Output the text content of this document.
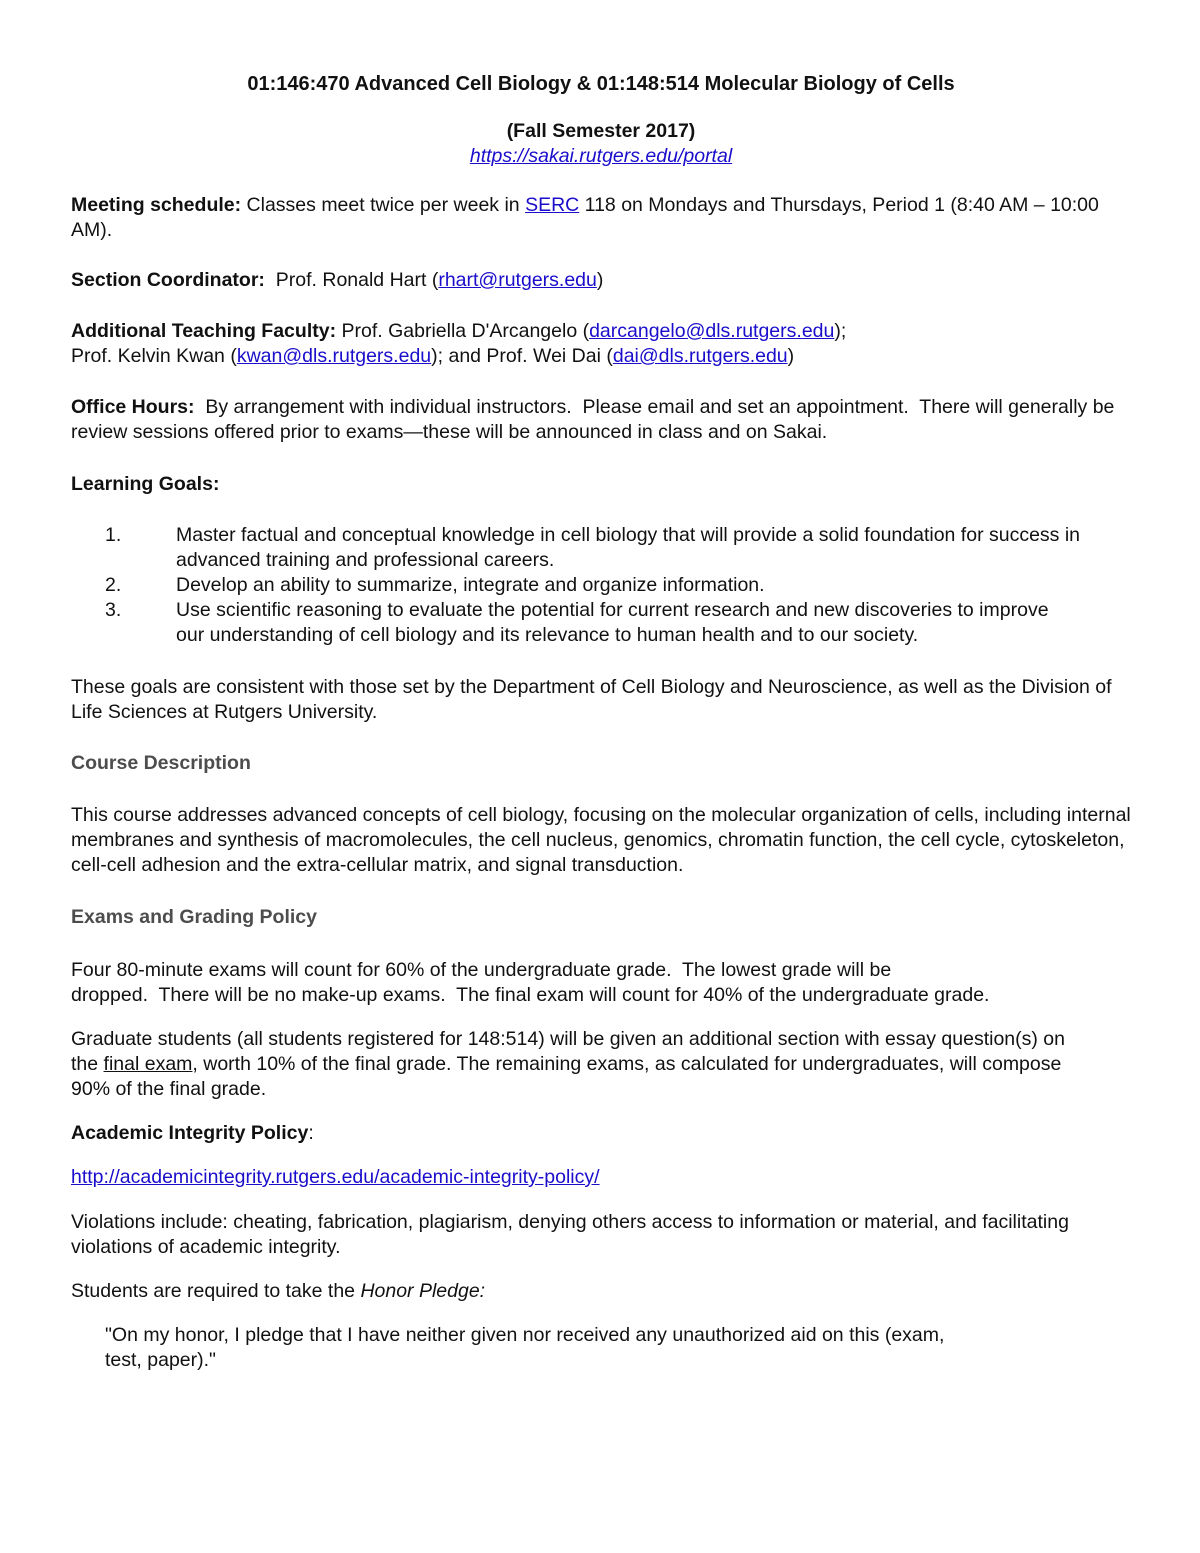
01:146:470 Advanced Cell Biology & 01:148:514 Molecular Biology of Cells

(Fall Semester 2017)

https://sakai.rutgers.edu/portal

Meeting schedule: Classes meet twice per week in SERC 118 on Mondays and Thursdays, Period 1 (8:40 AM – 10:00 AM).

Section Coordinator:  Prof. Ronald Hart (rhart@rutgers.edu)

Additional Teaching Faculty: Prof. Gabriella D'Arcangelo (darcangelo@dls.rutgers.edu);
Prof. Kelvin Kwan (kwan@dls.rutgers.edu); and Prof. Wei Dai (dai@dls.rutgers.edu)

Office Hours:  By arrangement with individual instructors.  Please email and set an appointment.  There will generally be review sessions offered prior to exams—these will be announced in class and on Sakai.

Learning Goals:

1.	Master factual and conceptual knowledge in cell biology that will provide a solid foundation for success in advanced training and professional careers.
2.	Develop an ability to summarize, integrate and organize information.
3.	Use scientific reasoning to evaluate the potential for current research and new discoveries to improve our understanding of cell biology and its relevance to human health and to our society.

These goals are consistent with those set by the Department of Cell Biology and Neuroscience, as well as the Division of Life Sciences at Rutgers University.

Course Description

This course addresses advanced concepts of cell biology, focusing on the molecular organization of cells, including internal membranes and synthesis of macromolecules, the cell nucleus, genomics, chromatin function, the cell cycle, cytoskeleton, cell-cell adhesion and the extra-cellular matrix, and signal transduction.

Exams and Grading Policy

Four 80-minute exams will count for 60% of the undergraduate grade.  The lowest grade will be
dropped.  There will be no make-up exams.  The final exam will count for 40% of the undergraduate grade.

Graduate students (all students registered for 148:514) will be given an additional section with essay question(s) on the final exam, worth 10% of the final grade. The remaining exams, as calculated for undergraduates, will compose 90% of the final grade.

Academic Integrity Policy:

http://academicintegrity.rutgers.edu/academic-integrity-policy/

Violations include: cheating, fabrication, plagiarism, denying others access to information or material, and facilitating violations of academic integrity.

Students are required to take the Honor Pledge:

"On my honor, I pledge that I have neither given nor received any unauthorized aid on this (exam, test, paper)."
